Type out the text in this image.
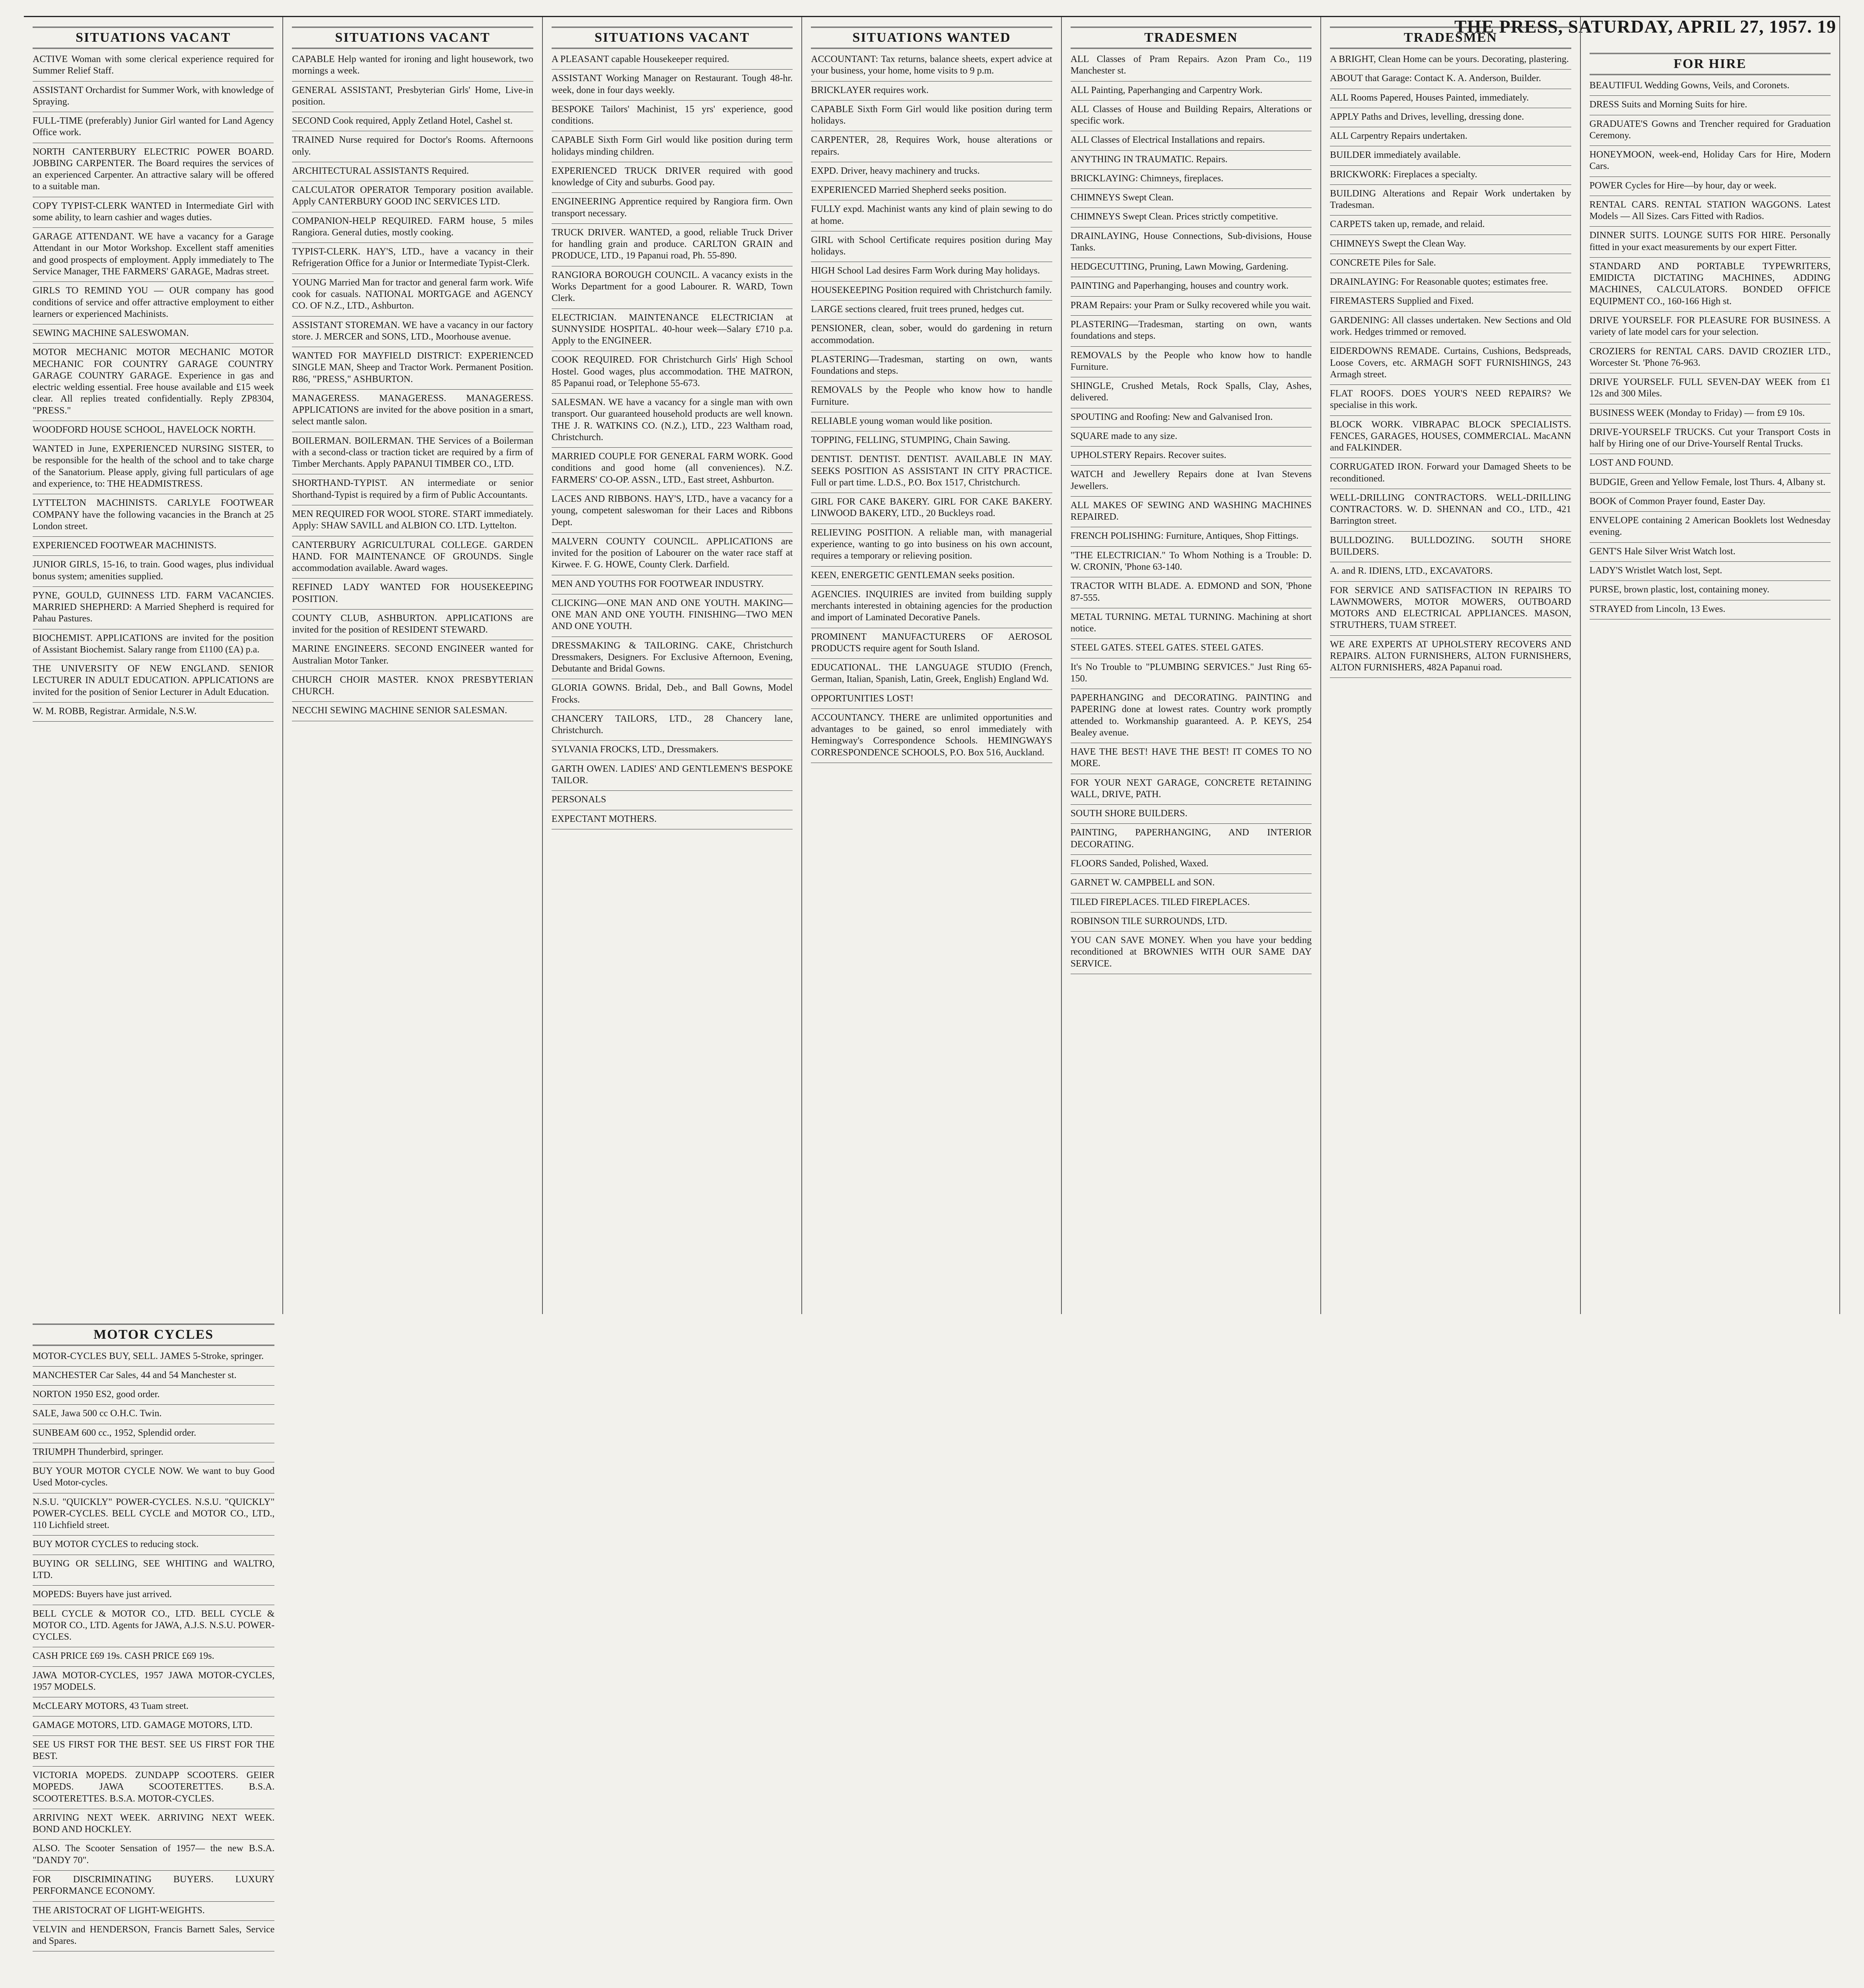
THE PRESS, SATURDAY, APRIL 27, 1957. 19
SITUATIONS VACANT
ACTIVE Woman with some clerical experience required for Summer Relief Staff.
ASSISTANT Orchardist for Summer Work, with knowledge of Spraying.
FULL-TIME (preferably) Junior Girl wanted for Land Agency Office work.
NORTH CANTERBURY ELECTRIC POWER BOARD. JOBBING CARPENTER. The Board requires the services of an experienced Carpenter. An attractive salary will be offered to a suitable man.
COPY TYPIST-CLERK WANTED in Intermediate Girl with some ability, to learn cashier and wages duties.
GARAGE ATTENDANT. WE have a vacancy for a Garage Attendant in our Motor Workshop. Excellent staff amenities and good prospects of employment. Apply immediately to The Service Manager, THE FARMERS' GARAGE, Madras street.
GIRLS TO REMIND YOU — OUR company has good conditions of service and offer attractive employment to either learners or experienced Machinists.
SEWING MACHINE SALESWOMAN.
MOTOR MECHANIC MOTOR MECHANIC MOTOR MECHANIC FOR COUNTRY GARAGE COUNTRY GARAGE COUNTRY GARAGE. Experience in gas and electric welding essential. Free house available and £15 week clear. All replies treated confidentially. Reply ZP8304, "PRESS."
WOODFORD HOUSE SCHOOL, HAVELOCK NORTH.
WANTED in June, EXPERIENCED NURSING SISTER, to be responsible for the health of the school and to take charge of the Sanatorium. Please apply, giving full particulars of age and experience, to: THE HEADMISTRESS.
LYTTELTON MACHINISTS. CARLYLE FOOTWEAR COMPANY have the following vacancies in the Branch at 25 London street.
EXPERIENCED FOOTWEAR MACHINISTS.
JUNIOR GIRLS, 15-16, to train. Good wages, plus individual bonus system; amenities supplied.
PYNE, GOULD, GUINNESS LTD. FARM VACANCIES. MARRIED SHEPHERD: A Married Shepherd is required for Pahau Pastures.
BIOCHEMIST. APPLICATIONS are invited for the position of Assistant Biochemist. Salary range from £1100 (£A) p.a.
THE UNIVERSITY OF NEW ENGLAND. SENIOR LECTURER IN ADULT EDUCATION. APPLICATIONS are invited for the position of Senior Lecturer in Adult Education.
W. M. ROBB, Registrar. Armidale, N.S.W.
SITUATIONS VACANT
CAPABLE Help wanted for ironing and light housework, two mornings a week.
GENERAL ASSISTANT, Presbyterian Girls' Home, Live-in position.
SECOND Cook required, Apply Zetland Hotel, Cashel st.
TRAINED Nurse required for Doctor's Rooms. Afternoons only.
ARCHITECTURAL ASSISTANTS Required.
CALCULATOR OPERATOR Temporary position available. Apply CANTERBURY GOOD INC SERVICES LTD.
COMPANION-HELP REQUIRED. FARM house, 5 miles Rangiora. General duties, mostly cooking.
TYPIST-CLERK. HAY'S, LTD., have a vacancy in their Refrigeration Office for a Junior or Intermediate Typist-Clerk.
YOUNG Married Man for tractor and general farm work. Wife cook for casuals. NATIONAL MORTGAGE and AGENCY CO. OF N.Z., LTD., Ashburton.
ASSISTANT STOREMAN. WE have a vacancy in our factory store. J. MERCER and SONS, LTD., Moorhouse avenue.
WANTED FOR MAYFIELD DISTRICT: EXPERIENCED SINGLE MAN, Sheep and Tractor Work. Permanent Position. R86, "PRESS," ASHBURTON.
MANAGERESS. MANAGERESS. MANAGERESS. APPLICATIONS are invited for the above position in a smart, select mantle salon.
BOILERMAN. BOILERMAN. THE Services of a Boilerman with a second-class or traction ticket are required by a firm of Timber Merchants. Apply PAPANUI TIMBER CO., LTD.
SHORTHAND-TYPIST. AN intermediate or senior Shorthand-Typist is required by a firm of Public Accountants.
MEN REQUIRED FOR WOOL STORE. START immediately. Apply: SHAW SAVILL and ALBION CO. LTD. Lyttelton.
CANTERBURY AGRICULTURAL COLLEGE. GARDEN HAND. FOR MAINTENANCE OF GROUNDS. Single accommodation available. Award wages.
REFINED LADY WANTED FOR HOUSEKEEPING POSITION.
COUNTY CLUB, ASHBURTON. APPLICATIONS are invited for the position of RESIDENT STEWARD.
MARINE ENGINEERS. SECOND ENGINEER wanted for Australian Motor Tanker.
CHURCH CHOIR MASTER. KNOX PRESBYTERIAN CHURCH.
NECCHI SEWING MACHINE SENIOR SALESMAN.
SITUATIONS VACANT
A PLEASANT capable Housekeeper required.
ASSISTANT Working Manager on Restaurant. Tough 48-hr. week, done in four days weekly.
BESPOKE Tailors' Machinist, 15 yrs' experience, good conditions.
CAPABLE Sixth Form Girl would like position during term holidays minding children.
EXPERIENCED TRUCK DRIVER required with good knowledge of City and suburbs. Good pay.
ENGINEERING Apprentice required by Rangiora firm. Own transport necessary.
TRUCK DRIVER. WANTED, a good, reliable Truck Driver for handling grain and produce. CARLTON GRAIN and PRODUCE, LTD., 19 Papanui road, Ph. 55-890.
RANGIORA BOROUGH COUNCIL. A vacancy exists in the Works Department for a good Labourer. R. WARD, Town Clerk.
ELECTRICIAN. MAINTENANCE ELECTRICIAN at SUNNYSIDE HOSPITAL. 40-hour week—Salary £710 p.a. Apply to the ENGINEER.
COOK REQUIRED. FOR Christchurch Girls' High School Hostel. Good wages, plus accommodation. THE MATRON, 85 Papanui road, or Telephone 55-673.
SALESMAN. WE have a vacancy for a single man with own transport. Our guaranteed household products are well known. THE J. R. WATKINS CO. (N.Z.), LTD., 223 Waltham road, Christchurch.
MARRIED COUPLE FOR GENERAL FARM WORK. Good conditions and good home (all conveniences). N.Z. FARMERS' CO-OP. ASSN., LTD., East street, Ashburton.
LACES AND RIBBONS. HAY'S, LTD., have a vacancy for a young, competent saleswoman for their Laces and Ribbons Dept.
MALVERN COUNTY COUNCIL. APPLICATIONS are invited for the position of Labourer on the water race staff at Kirwee. F. G. HOWE, County Clerk. Darfield.
MEN AND YOUTHS FOR FOOTWEAR INDUSTRY.
CLICKING—ONE MAN AND ONE YOUTH. MAKING—ONE MAN AND ONE YOUTH. FINISHING—TWO MEN AND ONE YOUTH.
DRESSMAKING & TAILORING. CAKE, Christchurch Dressmakers, Designers. For Exclusive Afternoon, Evening, Debutante and Bridal Gowns.
GLORIA GOWNS. Bridal, Deb., and Ball Gowns, Model Frocks.
CHANCERY TAILORS, LTD., 28 Chancery lane, Christchurch.
SYLVANIA FROCKS, LTD., Dressmakers.
GARTH OWEN. LADIES' AND GENTLEMEN'S BESPOKE TAILOR.
PERSONALS
EXPECTANT MOTHERS.
SITUATIONS WANTED
ACCOUNTANT: Tax returns, balance sheets, expert advice at your business, your home, home visits to 9 p.m.
BRICKLAYER requires work.
CAPABLE Sixth Form Girl would like position during term holidays.
CARPENTER, 28, Requires Work, house alterations or repairs.
EXPD. Driver, heavy machinery and trucks.
EXPERIENCED Married Shepherd seeks position.
FULLY expd. Machinist wants any kind of plain sewing to do at home.
GIRL with School Certificate requires position during May holidays.
HIGH School Lad desires Farm Work during May holidays.
HOUSEKEEPING Position required with Christchurch family.
LARGE sections cleared, fruit trees pruned, hedges cut.
PENSIONER, clean, sober, would do gardening in return accommodation.
PLASTERING—Tradesman, starting on own, wants Foundations and steps.
REMOVALS by the People who know how to handle Furniture.
RELIABLE young woman would like position.
TOPPING, FELLING, STUMPING, Chain Sawing.
DENTIST. DENTIST. DENTIST. AVAILABLE IN MAY. SEEKS POSITION AS ASSISTANT IN CITY PRACTICE. Full or part time. L.D.S., P.O. Box 1517, Christchurch.
GIRL FOR CAKE BAKERY. GIRL FOR CAKE BAKERY. LINWOOD BAKERY, LTD., 20 Buckleys road.
RELIEVING POSITION. A reliable man, with managerial experience, wanting to go into business on his own account, requires a temporary or relieving position.
KEEN, ENERGETIC GENTLEMAN seeks position.
AGENCIES. INQUIRIES are invited from building supply merchants interested in obtaining agencies for the production and import of Laminated Decorative Panels.
PROMINENT MANUFACTURERS OF AEROSOL PRODUCTS require agent for South Island.
EDUCATIONAL. THE LANGUAGE STUDIO (French, German, Italian, Spanish, Latin, Greek, English) England Wd.
OPPORTUNITIES LOST!
ACCOUNTANCY. THERE are unlimited opportunities and advantages to be gained, so enrol immediately with Hemingway's Correspondence Schools. HEMINGWAYS CORRESPONDENCE SCHOOLS, P.O. Box 516, Auckland.
TRADESMEN
ALL Classes of Pram Repairs. Azon Pram Co., 119 Manchester st.
ALL Painting, Paperhanging and Carpentry Work.
ALL Classes of House and Building Repairs, Alterations or specific work.
ALL Classes of Electrical Installations and repairs.
ANYTHING IN TRAUMATIC. Repairs.
BRICKLAYING: Chimneys, fireplaces.
CHIMNEYS Swept Clean.
CHIMNEYS Swept Clean. Prices strictly competitive.
DRAINLAYING, House Connections, Sub-divisions, House Tanks.
HEDGECUTTING, Pruning, Lawn Mowing, Gardening.
PAINTING and Paperhanging, houses and country work.
PRAM Repairs: your Pram or Sulky recovered while you wait.
PLASTERING—Tradesman, starting on own, wants foundations and steps.
REMOVALS by the People who know how to handle Furniture.
SHINGLE, Crushed Metals, Rock Spalls, Clay, Ashes, delivered.
SPOUTING and Roofing: New and Galvanised Iron.
SQUARE made to any size.
UPHOLSTERY Repairs. Recover suites.
WATCH and Jewellery Repairs done at Ivan Stevens Jewellers.
ALL MAKES OF SEWING AND WASHING MACHINES REPAIRED.
FRENCH POLISHING: Furniture, Antiques, Shop Fittings.
"THE ELECTRICIAN." To Whom Nothing is a Trouble: D. W. CRONIN, 'Phone 63-140.
TRACTOR WITH BLADE. A. EDMOND and SON, 'Phone 87-555.
METAL TURNING. METAL TURNING. Machining at short notice.
STEEL GATES. STEEL GATES. STEEL GATES.
It's No Trouble to "PLUMBING SERVICES." Just Ring 65-150.
PAPERHANGING and DECORATING. PAINTING and PAPERING done at lowest rates. Country work promptly attended to. Workmanship guaranteed. A. P. KEYS, 254 Bealey avenue.
HAVE THE BEST! HAVE THE BEST! IT COMES TO NO MORE.
FOR YOUR NEXT GARAGE, CONCRETE RETAINING WALL, DRIVE, PATH.
SOUTH SHORE BUILDERS.
PAINTING, PAPERHANGING, AND INTERIOR DECORATING.
FLOORS Sanded, Polished, Waxed.
GARNET W. CAMPBELL and SON.
TILED FIREPLACES. TILED FIREPLACES.
ROBINSON TILE SURROUNDS, LTD.
YOU CAN SAVE MONEY. When you have your bedding reconditioned at BROWNIES WITH OUR SAME DAY SERVICE.
TRADESMEN
A BRIGHT, Clean Home can be yours. Decorating, plastering.
ABOUT that Garage: Contact K. A. Anderson, Builder.
ALL Rooms Papered, Houses Painted, immediately.
APPLY Paths and Drives, levelling, dressing done.
ALL Carpentry Repairs undertaken.
BUILDER immediately available.
BRICKWORK: Fireplaces a specialty.
BUILDING Alterations and Repair Work undertaken by Tradesman.
CARPETS taken up, remade, and relaid.
CHIMNEYS Swept the Clean Way.
CONCRETE Piles for Sale.
DRAINLAYING: For Reasonable quotes; estimates free.
FIREMASTERS Supplied and Fixed.
GARDENING: All classes undertaken. New Sections and Old work. Hedges trimmed or removed.
EIDERDOWNS REMADE. Curtains, Cushions, Bedspreads, Loose Covers, etc. ARMAGH SOFT FURNISHINGS, 243 Armagh street.
FLAT ROOFS. DOES YOUR'S NEED REPAIRS? We specialise in this work.
BLOCK WORK. VIBRAPAC BLOCK SPECIALISTS. FENCES, GARAGES, HOUSES, COMMERCIAL. MacANN and FALKINDER.
CORRUGATED IRON. Forward your Damaged Sheets to be reconditioned.
WELL-DRILLING CONTRACTORS. WELL-DRILLING CONTRACTORS. W. D. SHENNAN and CO., LTD., 421 Barrington street.
BULLDOZING. BULLDOZING. SOUTH SHORE BUILDERS.
A. and R. IDIENS, LTD., EXCAVATORS.
FOR SERVICE AND SATISFACTION IN REPAIRS TO LAWNMOWERS, MOTOR MOWERS, OUTBOARD MOTORS AND ELECTRICAL APPLIANCES. MASON, STRUTHERS, TUAM STREET.
WE ARE EXPERTS AT UPHOLSTERY RECOVERS AND REPAIRS. ALTON FURNISHERS, ALTON FURNISHERS, ALTON FURNISHERS, 482A Papanui road.
FOR HIRE
BEAUTIFUL Wedding Gowns, Veils, and Coronets.
DRESS Suits and Morning Suits for hire.
GRADUATE'S Gowns and Trencher required for Graduation Ceremony.
HONEYMOON, week-end, Holiday Cars for Hire, Modern Cars.
POWER Cycles for Hire—by hour, day or week.
RENTAL CARS. RENTAL STATION WAGGONS. Latest Models — All Sizes. Cars Fitted with Radios.
DINNER SUITS. LOUNGE SUITS FOR HIRE. Personally fitted in your exact measurements by our expert Fitter.
STANDARD AND PORTABLE TYPEWRITERS, EMIDICTA DICTATING MACHINES, ADDING MACHINES, CALCULATORS. BONDED OFFICE EQUIPMENT CO., 160-166 High st.
DRIVE YOURSELF. FOR PLEASURE FOR BUSINESS. A variety of late model cars for your selection.
CROZIERS for RENTAL CARS. DAVID CROZIER LTD., Worcester St. 'Phone 76-963.
DRIVE YOURSELF. FULL SEVEN-DAY WEEK from £1 12s and 300 Miles.
BUSINESS WEEK (Monday to Friday) — from £9 10s.
DRIVE-YOURSELF TRUCKS. Cut your Transport Costs in half by Hiring one of our Drive-Yourself Rental Trucks.
LOST AND FOUND.
BUDGIE, Green and Yellow Female, lost Thurs. 4, Albany st.
BOOK of Common Prayer found, Easter Day.
ENVELOPE containing 2 American Booklets lost Wednesday evening.
GENT'S Hale Silver Wrist Watch lost.
LADY'S Wristlet Watch lost, Sept.
PURSE, brown plastic, lost, containing money.
STRAYED from Lincoln, 13 Ewes.
MOTOR CYCLES
MOTOR-CYCLES BUY, SELL. JAMES 5-Stroke, springer.
MANCHESTER Car Sales, 44 and 54 Manchester st.
NORTON 1950 ES2, good order.
SALE, Jawa 500 cc O.H.C. Twin.
SUNBEAM 600 cc., 1952, Splendid order.
TRIUMPH Thunderbird, springer.
BUY YOUR MOTOR CYCLE NOW. We want to buy Good Used Motor-cycles.
N.S.U. "QUICKLY" POWER-CYCLES. N.S.U. "QUICKLY" POWER-CYCLES. BELL CYCLE and MOTOR CO., LTD., 110 Lichfield street.
BUY MOTOR CYCLES to reducing stock.
BUYING OR SELLING, SEE WHITING and WALTRO, LTD.
MOPEDS: Buyers have just arrived.
BELL CYCLE & MOTOR CO., LTD. BELL CYCLE & MOTOR CO., LTD. Agents for JAWA, A.J.S. N.S.U. POWER-CYCLES.
CASH PRICE £69 19s. CASH PRICE £69 19s.
JAWA MOTOR-CYCLES, 1957 JAWA MOTOR-CYCLES, 1957 MODELS.
McCLEARY MOTORS, 43 Tuam street.
GAMAGE MOTORS, LTD. GAMAGE MOTORS, LTD.
SEE US FIRST FOR THE BEST. SEE US FIRST FOR THE BEST.
VICTORIA MOPEDS. ZUNDAPP SCOOTERS. GEIER MOPEDS. JAWA SCOOTERETTES. B.S.A. SCOOTERETTES. B.S.A. MOTOR-CYCLES.
ARRIVING NEXT WEEK. ARRIVING NEXT WEEK. BOND AND HOCKLEY.
ALSO. The Scooter Sensation of 1957— the new B.S.A. "DANDY 70".
FOR DISCRIMINATING BUYERS. LUXURY PERFORMANCE ECONOMY.
THE ARISTOCRAT OF LIGHT-WEIGHTS.
VELVIN and HENDERSON, Francis Barnett Sales, Service and Spares.
